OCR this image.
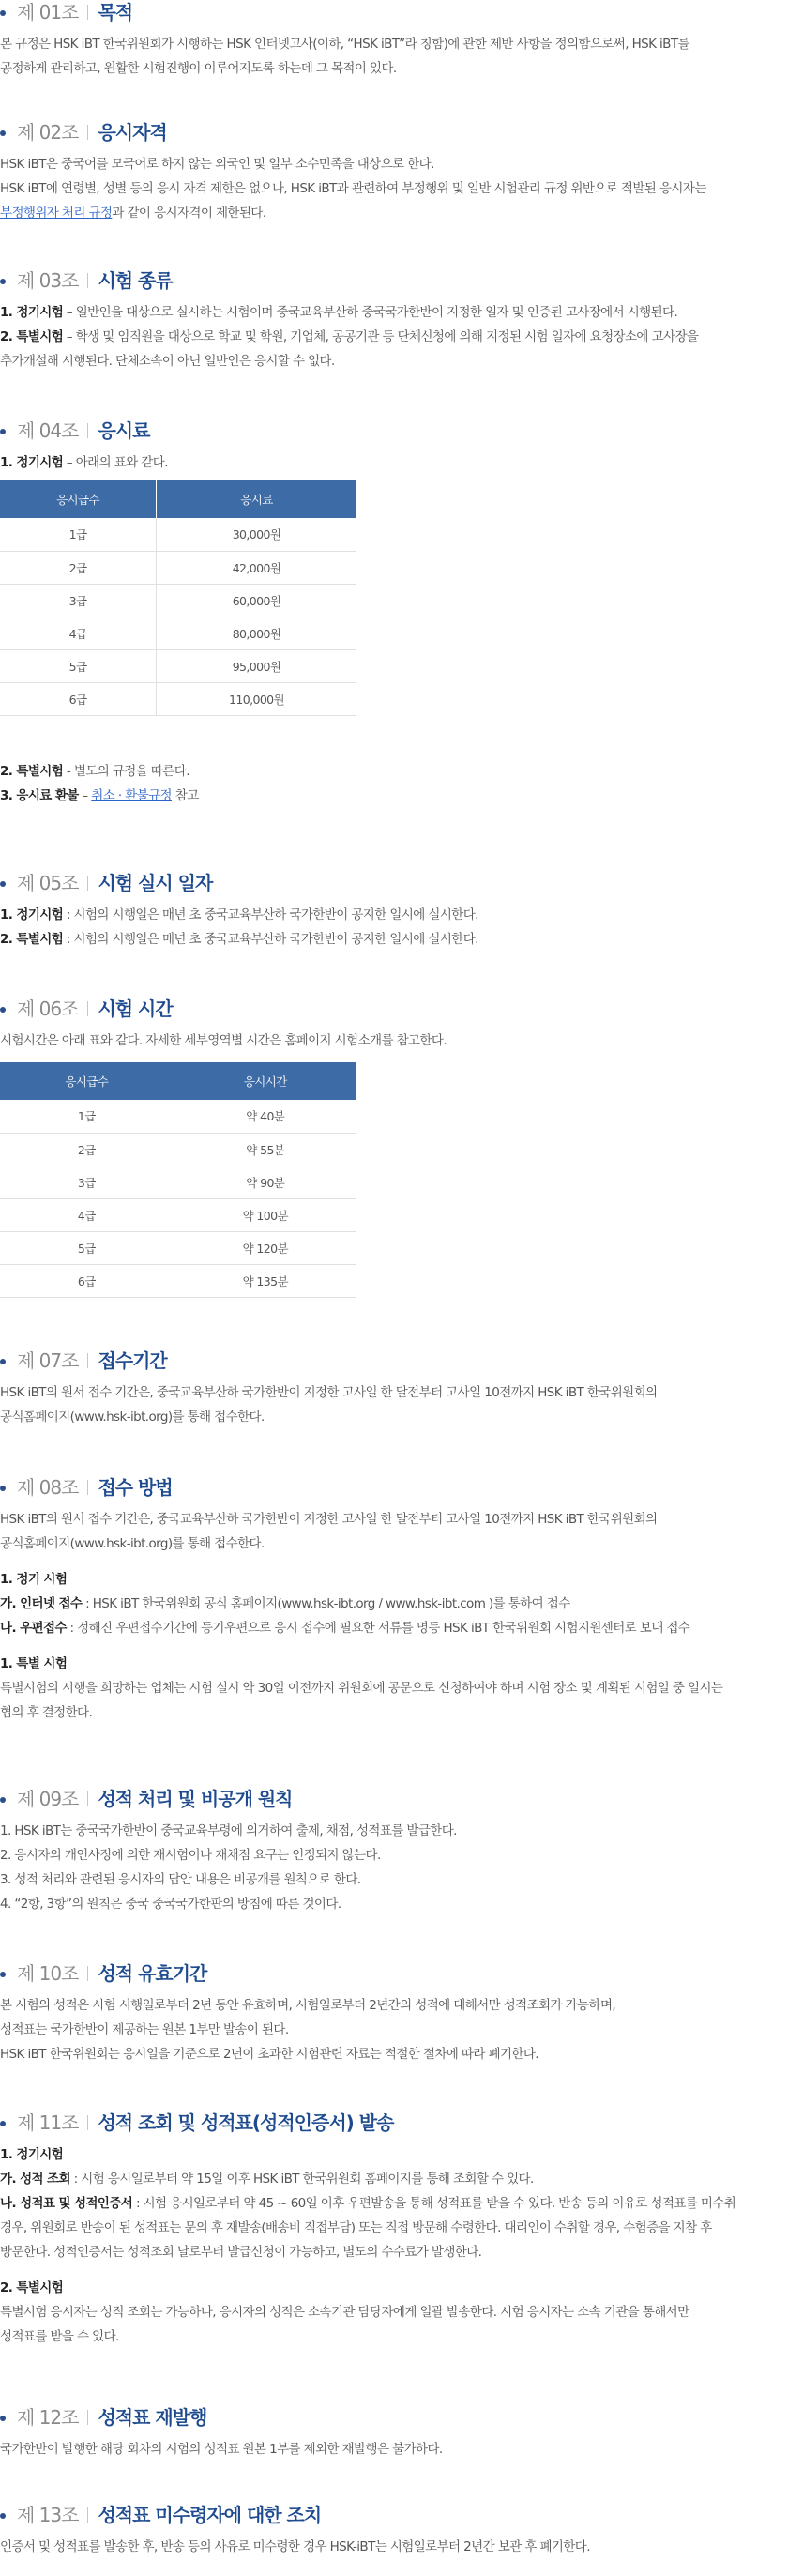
제 01조 목적
본 규정은 HSK iBT 한국위원회가 시행하는 HSK 인터넷고사(이하, “HSK iBT”라 칭함)에 관한 제반 사항을 정의함으로써, HSK iBT를
공정하게 관리하고, 원활한 시험진행이 이루어지도록 하는데 그 목적이 있다.
제 02조 응시자격
HSK iBT은 중국어를 모국어로 하지 않는 외국인 및 일부 소수민족을 대상으로 한다.
HSK iBT에 연령별, 성별 등의 응시 자격 제한은 없으나, HSK iBT과 관련하여 부정행위 및 일반 시험관리 규정 위반으로 적발된 응시자는
부정행위자 처리 규정과 같이 응시자격이 제한된다.
제 03조 시험 종류
1. 정기시험 – 일반인을 대상으로 실시하는 시험이며 중국교육부산하 중국국가한반이 지정한 일자 및 인증된 고사장에서 시행된다.
2. 특별시험 – 학생 및 임직원을 대상으로 학교 및 학원, 기업체, 공공기관 등 단체신청에 의해 지정된 시험 일자에 요청장소에 고사장을
추가개설해 시행된다. 단체소속이 아닌 일반인은 응시할 수 없다.
제 04조 응시료
1. 정기시험 – 아래의 표와 같다.
응시급수	응시료
1급	30,000원
2급	42,000원
3급	60,000원
4급	80,000원
5급	95,000원
6급	110,000원
2. 특별시험 - 별도의 규정을 따른다.
3. 응시료 환불 – 취소 · 환불규정 참고
제 05조 시험 실시 일자
1. 정기시험 : 시험의 시행일은 매년 초 중국교육부산하 국가한반이 공지한 일시에 실시한다.
2. 특별시험 : 시험의 시행일은 매년 초 중국교육부산하 국가한반이 공지한 일시에 실시한다.
제 06조 시험 시간
시험시간은 아래 표와 같다. 자세한 세부영역별 시간은 홈페이지 시험소개를 참고한다.
응시급수	응시시간
1급	약 40분
2급	약 55분
3급	약 90분
4급	약 100분
5급	약 120분
6급	약 135분
제 07조 접수기간
HSK iBT의 원서 접수 기간은, 중국교육부산하 국가한반이 지정한 고사일 한 달전부터 고사일 10전까지 HSK iBT 한국위원회의
공식홈페이지(www.hsk-ibt.org)를 통해 접수한다.
제 08조 접수 방법
HSK iBT의 원서 접수 기간은, 중국교육부산하 국가한반이 지정한 고사일 한 달전부터 고사일 10전까지 HSK iBT 한국위원회의
공식홈페이지(www.hsk-ibt.org)를 통해 접수한다.
1. 정기 시험
가. 인터넷 접수 : HSK iBT 한국위원회 공식 홈페이지(www.hsk-ibt.org / www.hsk-ibt.com )를 통하여 접수
나. 우편접수 : 정해진 우편접수기간에 등기우편으로 응시 접수에 필요한 서류를 명등 HSK iBT 한국위원회 시험지원센터로 보내 접수
1. 특별 시험
특별시험의 시행을 희망하는 업체는 시험 실시 약 30일 이전까지 위원회에 공문으로 신청하여야 하며 시험 장소 및 계획된 시험일 중 일시는
협의 후 결정한다.
제 09조 성적 처리 및 비공개 원칙
1. HSK iBT는 중국국가한반이 중국교육부령에 의거하여 출제, 채점, 성적표를 발급한다.
2. 응시자의 개인사정에 의한 재시험이나 재채점 요구는 인정되지 않는다.
3. 성적 처리와 관련된 응시자의 답안 내용은 비공개를 원칙으로 한다.
4. “2항, 3항”의 원칙은 중국 중국국가한판의 방침에 따른 것이다.
제 10조 성적 유효기간
본 시험의 성적은 시험 시행일로부터 2년 동안 유효하며, 시험일로부터 2년간의 성적에 대해서만 성적조회가 가능하며,
성적표는 국가한반이 제공하는 원본 1부만 발송이 된다.
HSK iBT 한국위원회는 응시일을 기준으로 2년이 초과한 시험관련 자료는 적절한 절차에 따라 폐기한다.
제 11조 성적 조회 및 성적표(성적인증서) 발송
1. 정기시험
가. 성적 조회 : 시험 응시일로부터 약 15일 이후 HSK iBT 한국위원회 홈페이지를 통해 조회할 수 있다.
나. 성적표 및 성적인증서 : 시험 응시일로부터 약 45 ~ 60일 이후 우편발송을 통해 성적표를 받을 수 있다. 반송 등의 이유로 성적표를 미수취
경우, 위원회로 반송이 된 성적표는 문의 후 재발송(배송비 직접부담) 또는 직접 방문해 수령한다. 대리인이 수취할 경우, 수험증을 지참 후
방문한다. 성적인증서는 성적조회 날로부터 발급신청이 가능하고, 별도의 수수료가 발생한다.
2. 특별시험
특별시험 응시자는 성적 조회는 가능하나, 응시자의 성적은 소속기관 담당자에게 일괄 발송한다. 시험 응시자는 소속 기관을 통해서만
성적표를 받을 수 있다.
제 12조 성적표 재발행
국가한반이 발행한 해당 회차의 시험의 성적표 원본 1부를 제외한 재발행은 불가하다.
제 13조 성적표 미수령자에 대한 조치
인증서 및 성적표를 발송한 후, 반송 등의 사유로 미수령한 경우 HSK-iBT는 시험일로부터 2년간 보관 후 폐기한다.
